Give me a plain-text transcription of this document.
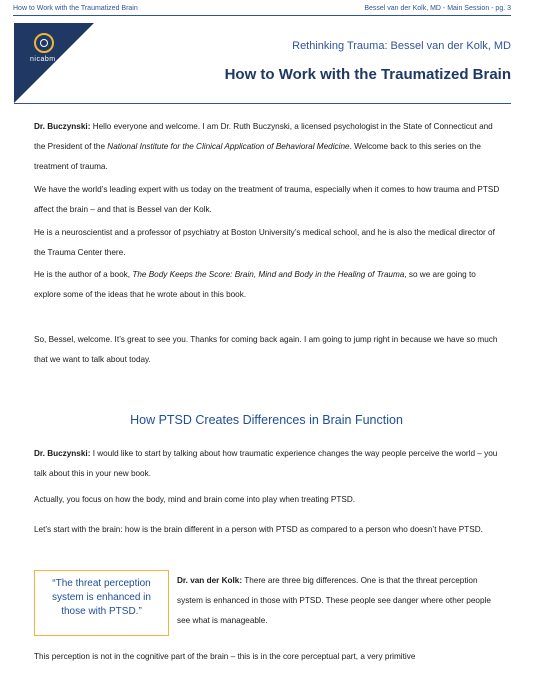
How to Work with the Traumatized Brain	Bessel van der Kolk, MD - Main Session - pg. 3
nicabm
Rethinking Trauma: Bessel van der Kolk, MD
How to Work with the Traumatized Brain
Dr. Buczynski: Hello everyone and welcome. I am Dr. Ruth Buczynski, a licensed psychologist in the State of Connecticut and the President of the National Institute for the Clinical Application of Behavioral Medicine. Welcome back to this series on the treatment of trauma.
We have the world’s leading expert with us today on the treatment of trauma, especially when it comes to how trauma and PTSD affect the brain – and that is Bessel van der Kolk.
He is a neuroscientist and a professor of psychiatry at Boston University’s medical school, and he is also the medical director of the Trauma Center there.
He is the author of a book, The Body Keeps the Score: Brain, Mind and Body in the Healing of Trauma, so we are going to explore some of the ideas that he wrote about in this book.
So, Bessel, welcome. It’s great to see you. Thanks for coming back again. I am going to jump right in because we have so much that we want to talk about today.
How PTSD Creates Differences in Brain Function
Dr. Buczynski: I would like to start by talking about how traumatic experience changes the way people perceive the world – you talk about this in your new book.
Actually, you focus on how the body, mind and brain come into play when treating PTSD.
Let’s start with the brain: how is the brain different in a person with PTSD as compared to a person who doesn’t have PTSD.
“The threat perception system is enhanced in those with PTSD.”
Dr. van der Kolk: There are three big differences. One is that the threat perception system is enhanced in those with PTSD. These people see danger where other people see what is manageable.
This perception is not in the cognitive part of the brain – this is in the core perceptual part, a very primitive
